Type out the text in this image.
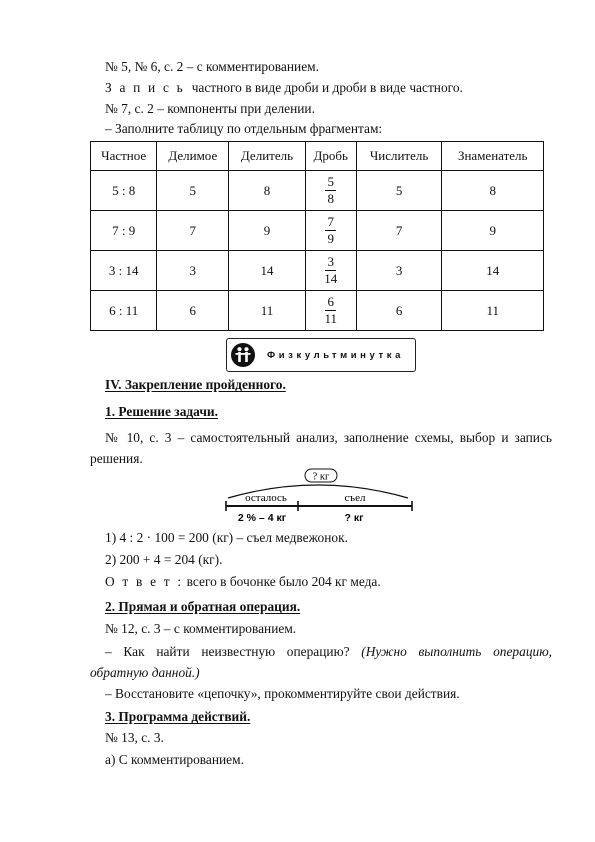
№ 5, № 6, с. 2 – с комментированием.
З а п и с ь частного в виде дроби и дроби в виде частного.
№ 7, с. 2 – компоненты при делении.
– Заполните таблицу по отдельным фрагментам:
Частное	Делимое	Делитель	Дробь	Числитель	Знаменатель
5 : 8	5	8	$\frac{5}{8}$	5	8
7 : 9	7	9	$\frac{7}{9}$	7	9
3 : 14	3	14	$\frac{3}{14}$	3	14
6 : 11	6	11	$\frac{6}{11}$	6	11
Физкультминутка
IV. Закрепление пройденного.
1. Решение задачи.
№ 10, с. 3 – самостоятельный анализ, заполнение схемы, выбор и запись решения.
? кг
осталось	съел
2 % – 4 кг	? кг
1) 4 : 2 · 100 = 200 (кг) – съел медвежонок.
2) 200 + 4 = 204 (кг).
О т в е т : всего в бочонке было 204 кг меда.
2. Прямая и обратная операция.
№ 12, с. 3 – с комментированием.
– Как найти неизвестную операцию? (Нужно выполнить операцию, обратную данной.)
– Восстановите «цепочку», прокомментируйте свои действия.
3. Программа действий.
№ 13, с. 3.
а) С комментированием.
